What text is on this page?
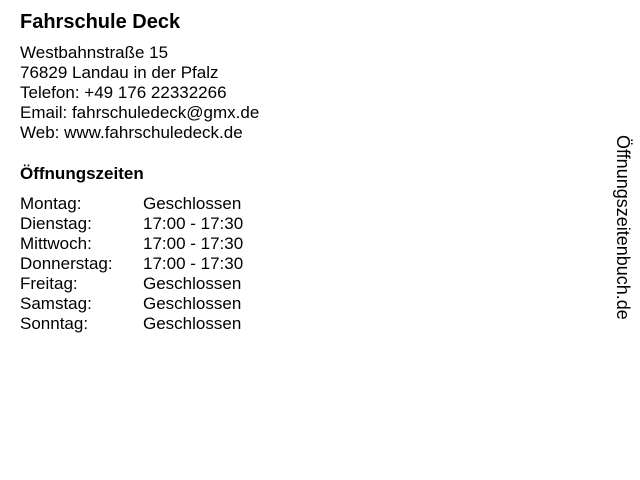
Fahrschule Deck
Westbahnstraße 15
76829 Landau in der Pfalz
Telefon: +49 176 22332266
Email: fahrschuledeck@gmx.de
Web: www.fahrschuledeck.de
Öffnungszeiten
Montag:	Geschlossen
Dienstag:	17:00 - 17:30
Mittwoch:	17:00 - 17:30
Donnerstag:	17:00 - 17:30
Freitag:	Geschlossen
Samstag:	Geschlossen
Sonntag:	Geschlossen
Öffnungszeitenbuch.de
